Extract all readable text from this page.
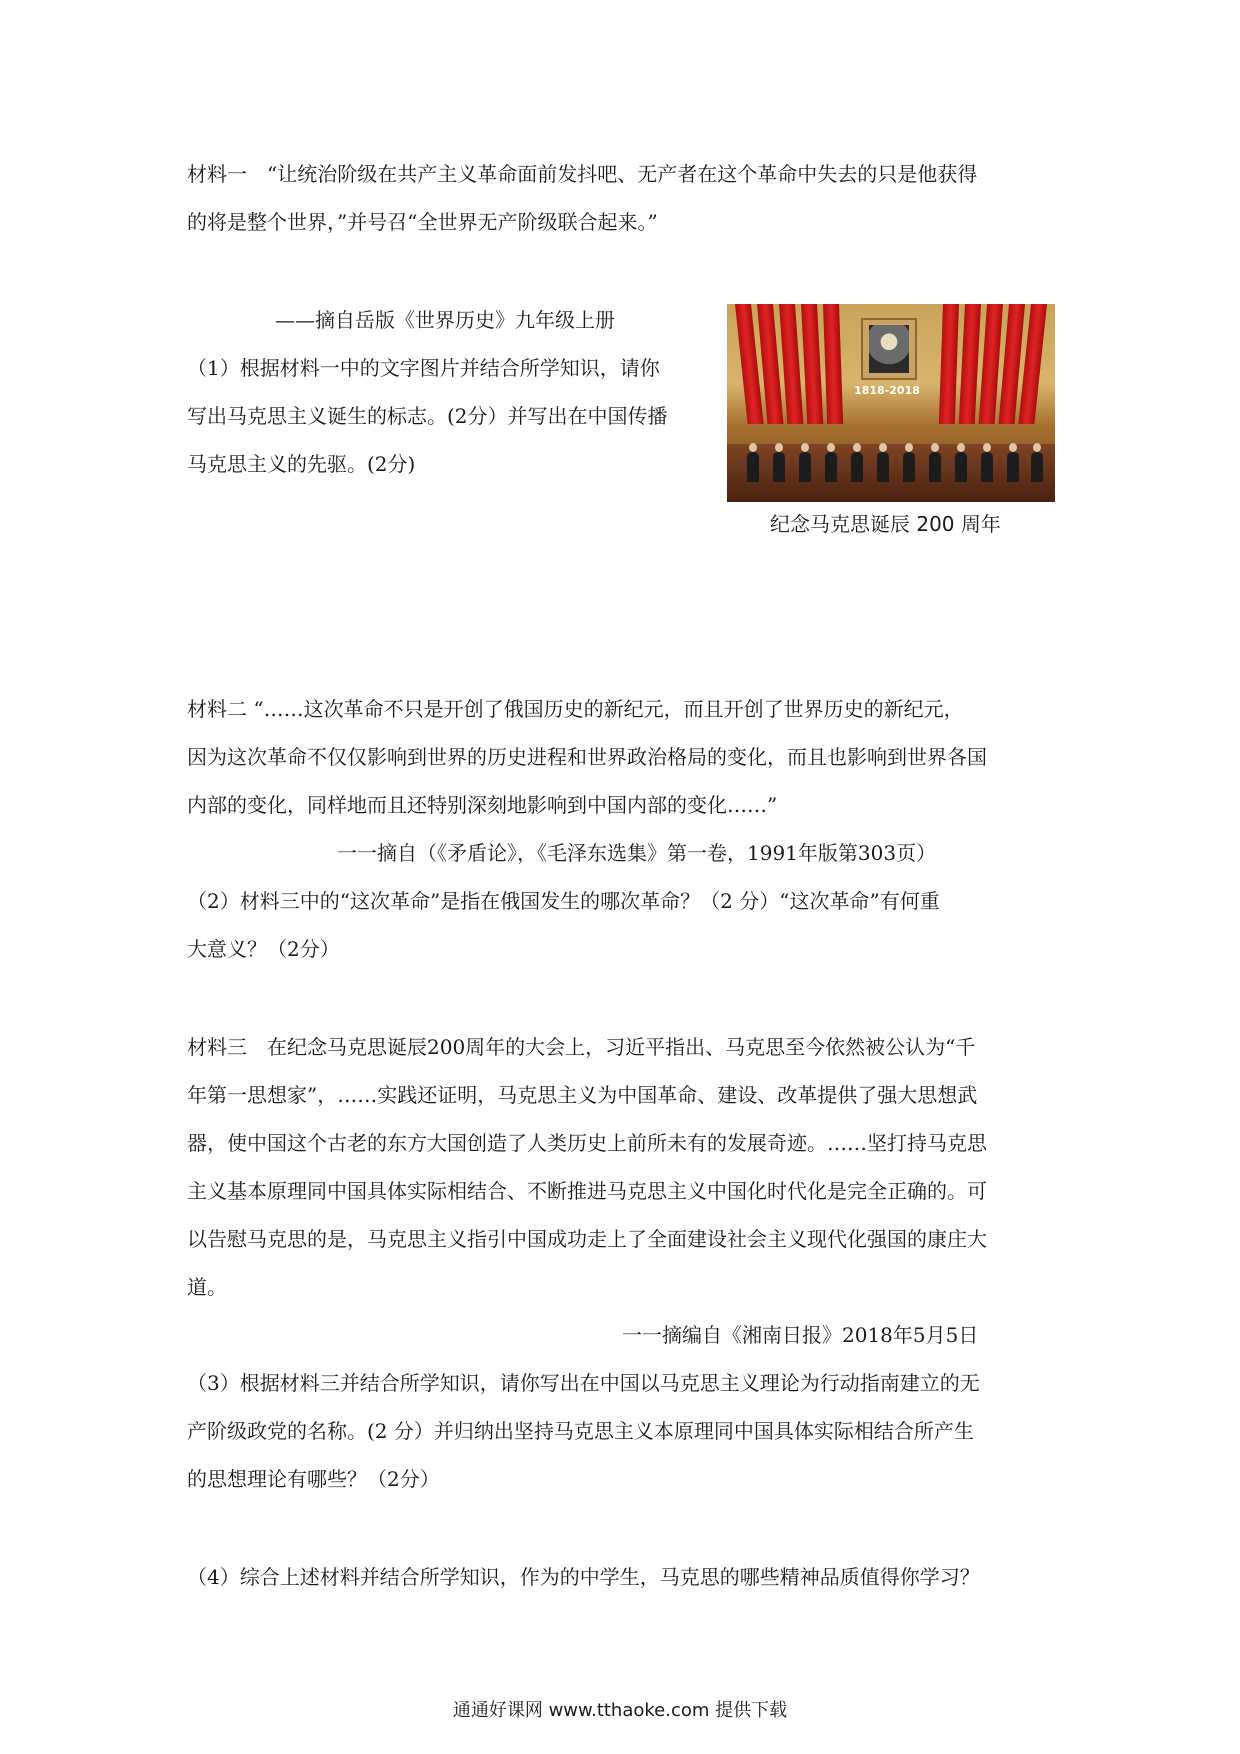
材料一　“让统治阶级在共产主义革命面前发抖吧、无产者在这个革命中失去的只是他获得
的将是整个世界，”并号召“全世界无产阶级联合起来。”
——摘自岳版《世界历史》九年级上册
（1）根据材料一中的文字图片并结合所学知识，请你
写出马克思主义诞生的标志。(2分）并写出在中国传播
马克思主义的先驱。(2分)
1818-2018
纪念马克思诞辰 200 周年
材料二 “……这次革命不只是开创了俄国历史的新纪元，而且开创了世界历史的新纪元，
因为这次革命不仅仅影响到世界的历史进程和世界政治格局的变化，而且也影响到世界各国
内部的变化，同样地而且还特别深刻地影响到中国内部的变化……”
一一摘自（《矛盾论》，《毛泽东选集》第一卷，1991年版第303页）
（2）材料三中的“这次革命”是指在俄国发生的哪次革命？（2 分）“这次革命”有何重
大意义？（2分）
材料三　在纪念马克思诞辰200周年的大会上，习近平指出、马克思至今依然被公认为“千
年第一思想家”，……实践还证明，马克思主义为中国革命、建设、改革提供了强大思想武
器，使中国这个古老的东方大国创造了人类历史上前所未有的发展奇迹。……坚打持马克思
主义基本原理同中国具体实际相结合、不断推进马克思主义中国化时代化是完全正确的。可
以告慰马克思的是，马克思主义指引中国成功走上了全面建设社会主义现代化强国的康庄大
道。
一一摘编自《湘南日报》2018年5月5日
（3）根据材料三并结合所学知识，请你写出在中国以马克思主义理论为行动指南建立的无
产阶级政党的名称。(2 分）并归纳出坚持马克思主义本原理同中国具体实际相结合所产生
的思想理论有哪些？（2分）
（4）综合上述材料并结合所学知识，作为的中学生，马克思的哪些精神品质值得你学习？
通通好课网 www.tthaoke.com 提供下载
